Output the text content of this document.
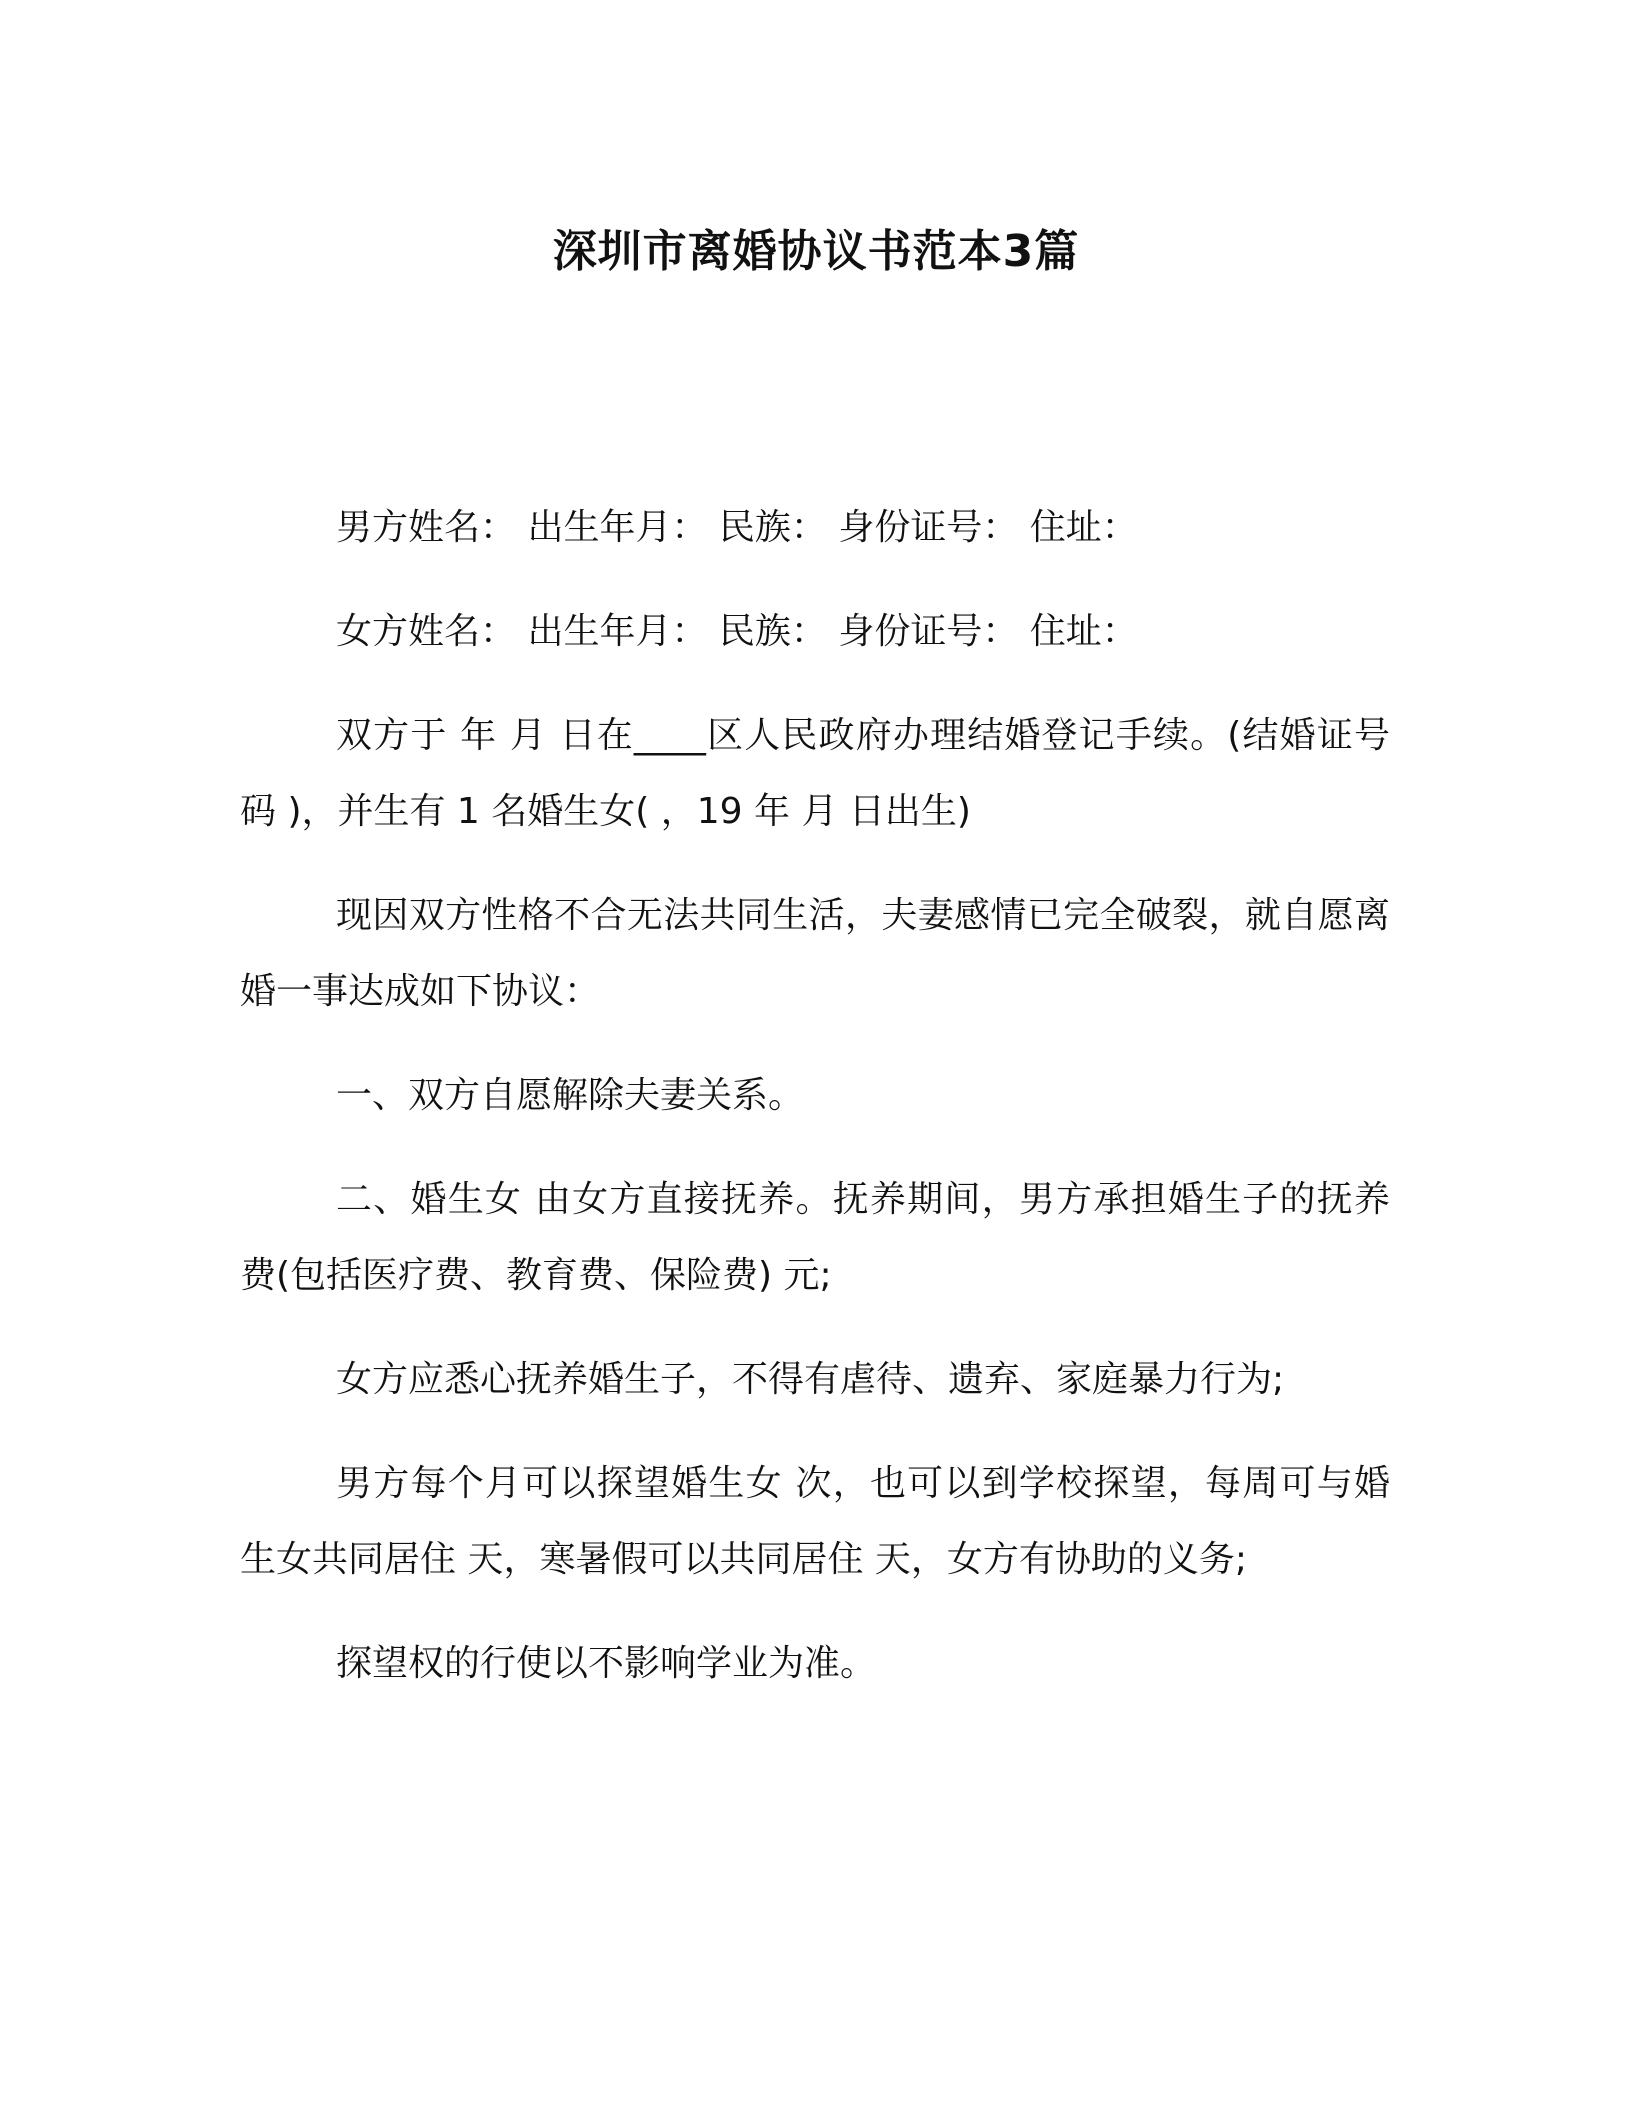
深圳市离婚协议书范本3篇

男方姓名： 出生年月： 民族： 身份证号： 住址：

女方姓名： 出生年月： 民族： 身份证号： 住址：

双方于 年 月 日在____区人民政府办理结婚登记手续。(结婚证号码 )，并生有 1 名婚生女( ，19 年 月 日出生)

现因双方性格不合无法共同生活，夫妻感情已完全破裂，就自愿离婚一事达成如下协议：

一、双方自愿解除夫妻关系。

二、婚生女 由女方直接抚养。抚养期间，男方承担婚生子的抚养费(包括医疗费、教育费、保险费) 元;

女方应悉心抚养婚生子，不得有虐待、遗弃、家庭暴力行为;

男方每个月可以探望婚生女 次，也可以到学校探望，每周可与婚生女共同居住 天，寒暑假可以共同居住 天，女方有协助的义务;

探望权的行使以不影响学业为准。
